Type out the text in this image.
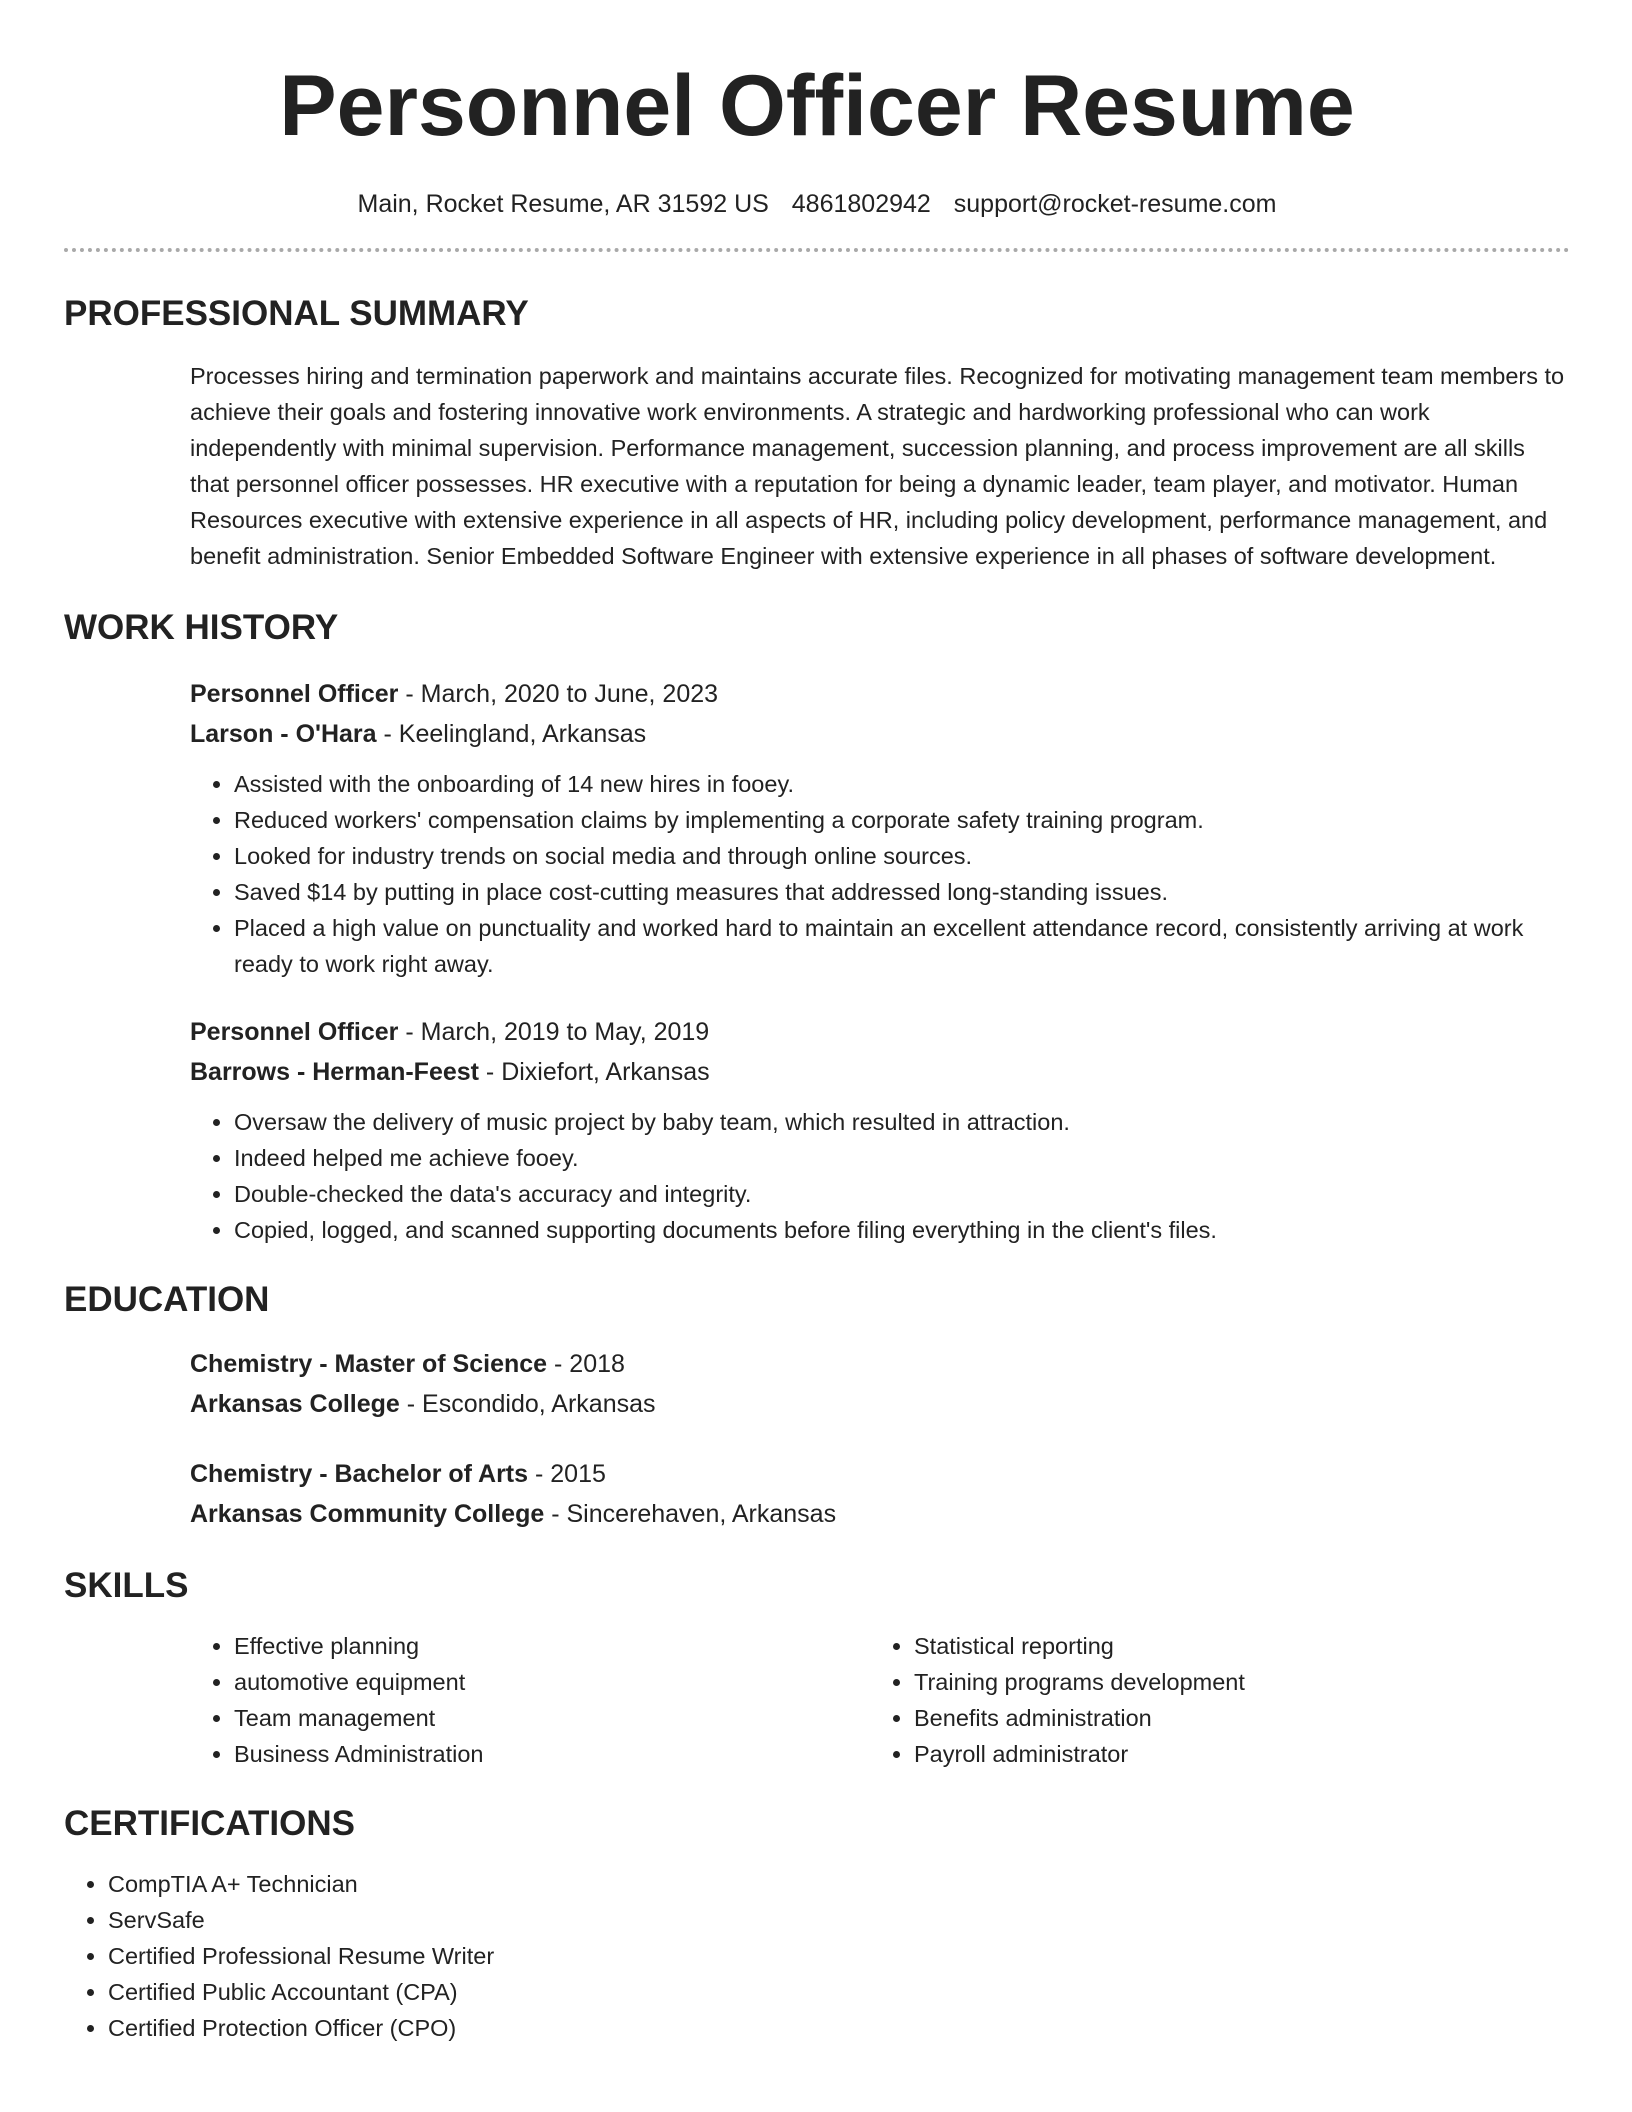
Personnel Officer Resume
Main, Rocket Resume, AR 31592 US 4861802942 support@rocket-resume.com
PROFESSIONAL SUMMARY
Processes hiring and termination paperwork and maintains accurate files. Recognized for motivating management team members to achieve their goals and fostering innovative work environments. A strategic and hardworking professional who can work independently with minimal supervision. Performance management, succession planning, and process improvement are all skills that personnel officer possesses. HR executive with a reputation for being a dynamic leader, team player, and motivator. Human Resources executive with extensive experience in all aspects of HR, including policy development, performance management, and benefit administration. Senior Embedded Software Engineer with extensive experience in all phases of software development.
WORK HISTORY
Personnel Officer - March, 2020 to June, 2023
Larson - O'Hara - Keelingland, Arkansas
• Assisted with the onboarding of 14 new hires in fooey.
• Reduced workers' compensation claims by implementing a corporate safety training program.
• Looked for industry trends on social media and through online sources.
• Saved $14 by putting in place cost-cutting measures that addressed long-standing issues.
• Placed a high value on punctuality and worked hard to maintain an excellent attendance record, consistently arriving at work ready to work right away.
Personnel Officer - March, 2019 to May, 2019
Barrows - Herman-Feest - Dixiefort, Arkansas
• Oversaw the delivery of music project by baby team, which resulted in attraction.
• Indeed helped me achieve fooey.
• Double-checked the data's accuracy and integrity.
• Copied, logged, and scanned supporting documents before filing everything in the client's files.
EDUCATION
Chemistry - Master of Science - 2018
Arkansas College - Escondido, Arkansas
Chemistry - Bachelor of Arts - 2015
Arkansas Community College - Sincerehaven, Arkansas
SKILLS
• Effective planning
• automotive equipment
• Team management
• Business Administration
• Statistical reporting
• Training programs development
• Benefits administration
• Payroll administrator
CERTIFICATIONS
• CompTIA A+ Technician
• ServSafe
• Certified Professional Resume Writer
• Certified Public Accountant (CPA)
• Certified Protection Officer (CPO)
